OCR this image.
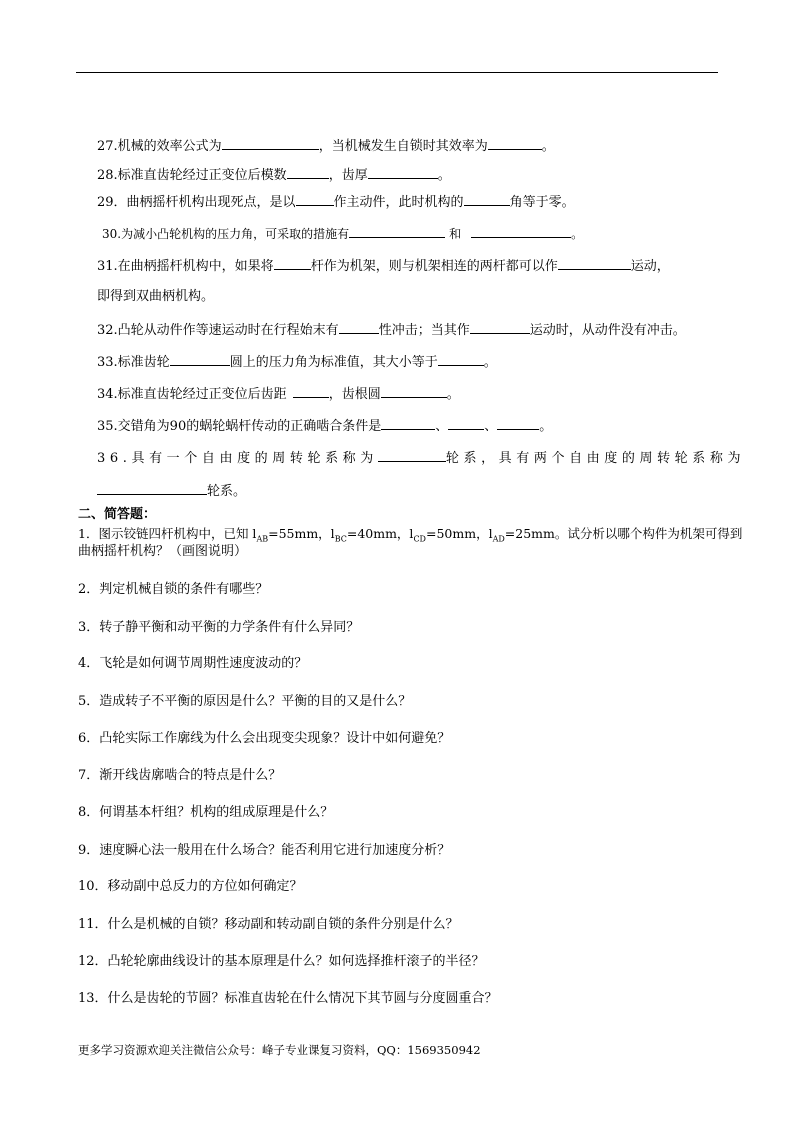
27.机械的效率公式为	，当机械发生自锁时其效率为	。
28.标准直齿轮经过正变位后模数	，齿厚	。
29．曲柄摇杆机构出现死点，是以	作主动件，此时机构的	角等于零。
30.为减小凸轮机构的压力角，可采取的措施有	和	。
31.在曲柄摇杆机构中，如果将	杆作为机架，则与机架相连的两杆都可以作	运动，
即得到双曲柄机构。
32.凸轮从动件作等速运动时在行程始末有	性冲击；当其作	运动时，从动件没有冲击。
33.标准齿轮	圆上的压力角为标准值，其大小等于	。
34.标准直齿轮经过正变位后齿距	，齿根圆	。
35.交错角为90的蜗轮蜗杆传动的正确啮合条件是	、	、	。
36.具有一个自由度的周转轮系称为	轮系，具有两个自由度的周转轮系称为
轮系。
二、简答题：
1．图示铰链四杆机构中，已知 $l_{AB}=55mm$，$l_{BC}=40mm$，$l_{CD}=50mm$，$l_{AD}=25mm$。试分析以哪个构件为机架可得到
曲柄摇杆机构？（画图说明）
2．判定机械自锁的条件有哪些？
3．转子静平衡和动平衡的力学条件有什么异同？
4．飞轮是如何调节周期性速度波动的？
5．造成转子不平衡的原因是什么？平衡的目的又是什么？
6．凸轮实际工作廓线为什么会出现变尖现象？设计中如何避免？
7．渐开线齿廓啮合的特点是什么？
8．何谓基本杆组？机构的组成原理是什么？
9．速度瞬心法一般用在什么场合？能否利用它进行加速度分析？
10．移动副中总反力的方位如何确定？
11．什么是机械的自锁？移动副和转动副自锁的条件分别是什么？
12．凸轮轮廓曲线设计的基本原理是什么？如何选择推杆滚子的半径？
13．什么是齿轮的节圆？标准直齿轮在什么情况下其节圆与分度圆重合？
更多学习资源欢迎关注微信公众号：峰子专业课复习资料，QQ：1569350942
